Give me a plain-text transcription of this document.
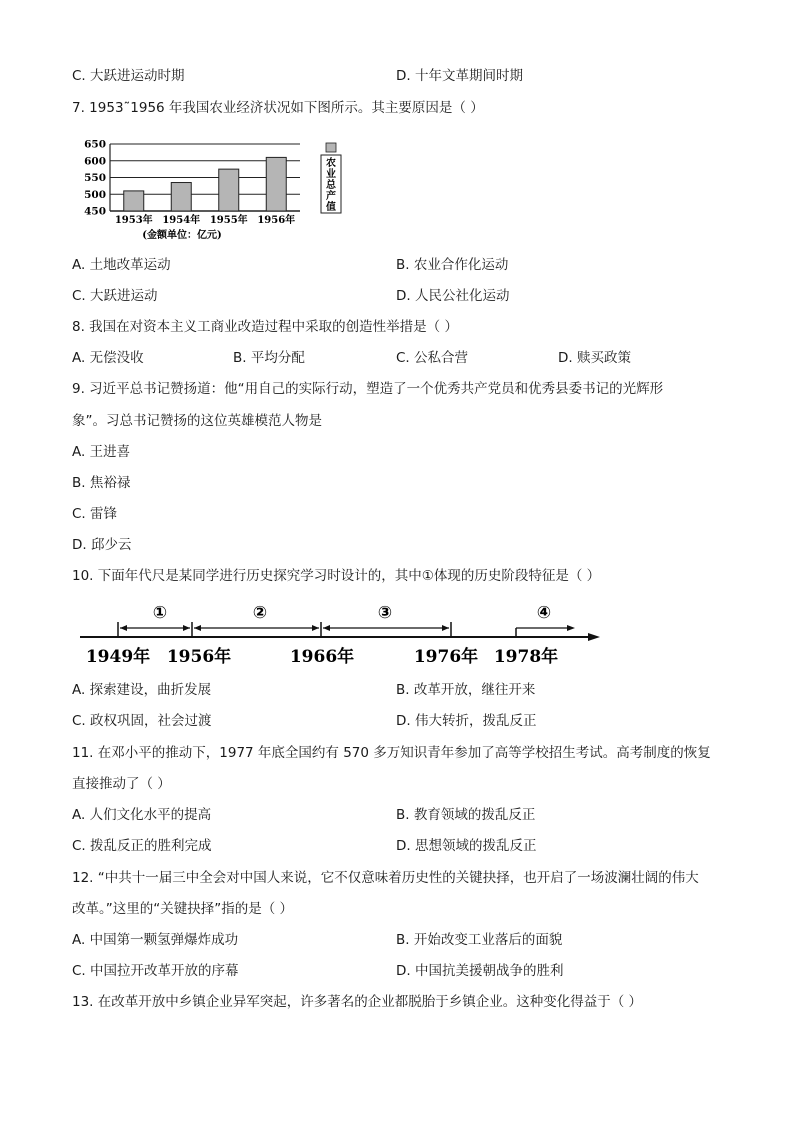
C. 大跃进运动时期	D. 十年文革期间时期
7. 1953˜1956 年我国农业经济状况如下图所示。其主要原因是（ ）
650
600
550
500
450
1953年 1954年 1955年 1956年
(金额单位：亿元)
农
业
总
产
值
A. 土地改革运动	B. 农业合作化运动
C. 大跃进运动	D. 人民公社化运动
8. 我国在对资本主义工商业改造过程中采取的创造性举措是（ ）
A. 无偿没收	B. 平均分配	C. 公私合营	D. 赎买政策
9. 习近平总书记赞扬道：他“用自己的实际行动，塑造了一个优秀共产党员和优秀县委书记的光辉形
象”。习总书记赞扬的这位英雄模范人物是
A. 王进喜
B. 焦裕禄
C. 雷锋
D. 邱少云
10. 下面年代尺是某同学进行历史探究学习时设计的，其中①体现的历史阶段特征是（ ）
①	②	③	④
1949年 1956年	1966年	1976年 1978年
A. 探索建设，曲折发展	B. 改革开放，继往开来
C. 政权巩固，社会过渡	D. 伟大转折，拨乱反正
11. 在邓小平的推动下，1977 年底全国约有 570 多万知识青年参加了高等学校招生考试。高考制度的恢复
直接推动了（ ）
A. 人们文化水平的提高	B. 教育领域的拨乱反正
C. 拨乱反正的胜利完成	D. 思想领域的拨乱反正
12. “中共十一届三中全会对中国人来说，它不仅意味着历史性的关键抉择，也开启了一场波澜壮阔的伟大
改革。”这里的“关键抉择”指的是（ ）
A. 中国第一颗氢弹爆炸成功	B. 开始改变工业落后的面貌
C. 中国拉开改革开放的序幕	D. 中国抗美援朝战争的胜利
13. 在改革开放中乡镇企业异军突起，许多著名的企业都脱胎于乡镇企业。这种变化得益于（ ）
